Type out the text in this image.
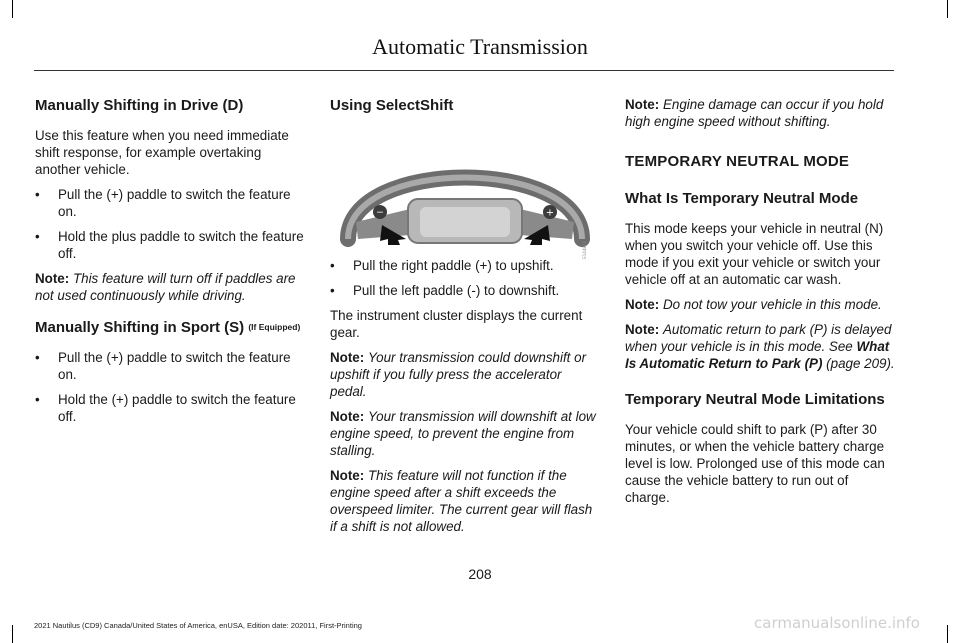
Automatic Transmission
Manually Shifting in Drive (D)

Use this feature when you need immediate shift response, for example overtaking another vehicle.

• Pull the (+) paddle to switch the feature on.
• Hold the plus paddle to switch the feature off.

Note: This feature will turn off if paddles are not used continuously while driving.

Manually Shifting in Sport (S) $^{(If Equipped)}$
• Pull the (+) paddle to switch the feature on.
• Hold the (+) paddle to switch the feature off.
Using SelectShift
−	+
E144821
• Pull the right paddle (+) to upshift.
• Pull the left paddle (-) to downshift.

The instrument cluster displays the current gear.

Note: Your transmission could downshift or upshift if you fully press the accelerator pedal.

Note: Your transmission will downshift at low engine speed, to prevent the engine from stalling.

Note: This feature will not function if the engine speed after a shift exceeds the overspeed limiter. The current gear will flash if a shift is not allowed.

Note: Engine damage can occur if you hold high engine speed without shifting.

TEMPORARY NEUTRAL MODE
What Is Temporary Neutral Mode

This mode keeps your vehicle in neutral (N) when you switch your vehicle off. Use this mode if you exit your vehicle or switch your vehicle off at an automatic car wash.

Note: Do not tow your vehicle in this mode.

Note: Automatic return to park (P) is delayed when your vehicle is in this mode. See What Is Automatic Return to Park (P) (page 209).

Temporary Neutral Mode Limitations

Your vehicle could shift to park (P) after 30 minutes, or when the vehicle battery charge level is low. Prolonged use of this mode can cause the vehicle battery to run out of charge.

208
2021 Nautilus (CD9) Canada/United States of America, enUSA, Edition date: 202011, First-Printing	carmanualsonline.info
